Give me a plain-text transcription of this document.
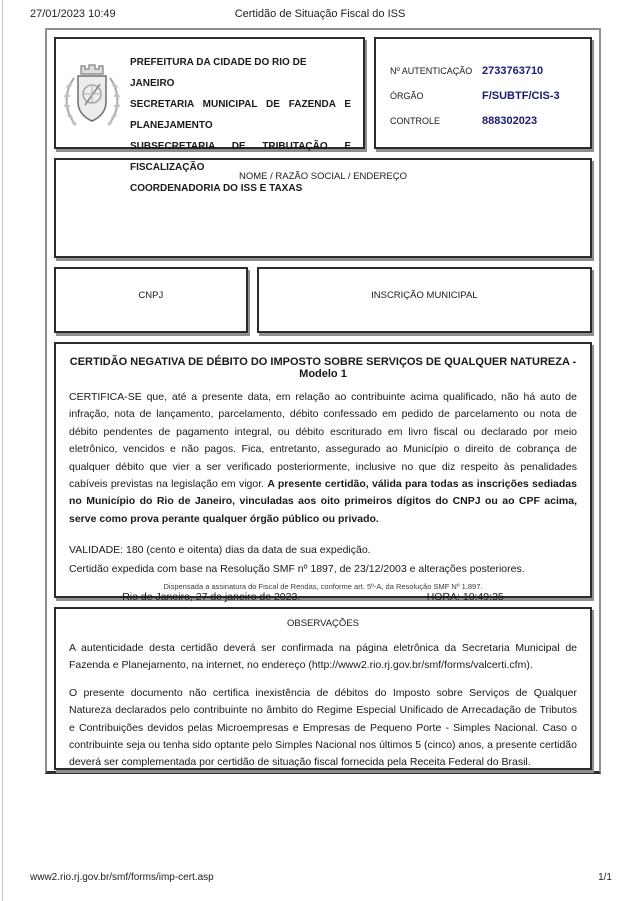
Certidão de Situação Fiscal do ISS
27/01/2023 10:49
PREFEITURA DA CIDADE DO RIO DE JANEIRO
SECRETARIA MUNICIPAL DE FAZENDA E PLANEJAMENTO
SUBSECRETARIA DE TRIBUTAÇÃO E FISCALIZAÇÃO
COORDENADORIA DO ISS E TAXAS
Nº AUTENTICAÇÃO 2733763710
ÓRGÃO	F/SUBTF/CIS-3
CONTROLE	888302023
NOME / RAZÃO SOCIAL / ENDEREÇO
CNPJ	INSCRIÇÃO MUNICIPAL
CERTIDÃO NEGATIVA DE DÉBITO DO IMPOSTO SOBRE SERVIÇOS DE QUALQUER NATUREZA - Modelo 1
CERTIFICA-SE que, até a presente data, em relação ao contribuinte acima qualificado, não há auto de infração, nota de lançamento, parcelamento, débito confessado em pedido de parcelamento ou nota de débito pendentes de pagamento integral, ou débito escriturado em livro fiscal ou declarado por meio eletrônico, vencidos e não pagos. Fica, entretanto, assegurado ao Município o direito de cobrança de qualquer débito que vier a ser verificado posteriormente, inclusive no que diz respeito às penalidades cabíveis previstas na legislação em vigor. A presente certidão, válida para todas as inscrições sediadas no Município do Rio de Janeiro, vinculadas aos oito primeiros dígitos do CNPJ ou ao CPF acima, serve como prova perante qualquer órgão público ou privado.
VALIDADE: 180 (cento e oitenta) dias da data de sua expedição.
Certidão expedida com base na Resolução SMF nº 1897, de 23/12/2003 e alterações posteriores.
Rio de Janeiro, 27 de janeiro de 2023.	HORA: 10:49:35
Dispensada a assinatura do Fiscal de Rendas, conforme art. 5º-A, da Resolução SMF Nº 1.897.
OBSERVAÇÕES

A autenticidade desta certidão deverá ser confirmada na página eletrônica da Secretaria Municipal de Fazenda e Planejamento, na internet, no endereço (http://www2.rio.rj.gov.br/smf/forms/valcerti.cfm).

O presente documento não certifica inexistência de débitos do Imposto sobre Serviços de Qualquer Natureza declarados pelo contribuinte no âmbito do Regime Especial Unificado de Arrecadação de Tributos e Contribuições devidos pelas Microempresas e Empresas de Pequeno Porte - Simples Nacional. Caso o contribuinte seja ou tenha sido optante pelo Simples Nacional nos últimos 5 (cinco) anos, a presente certidão deverá ser complementada por certidão de situação fiscal fornecida pela Receita Federal do Brasil.

www2.rio.rj.gov.br/smf/forms/imp-cert.asp	1/1
